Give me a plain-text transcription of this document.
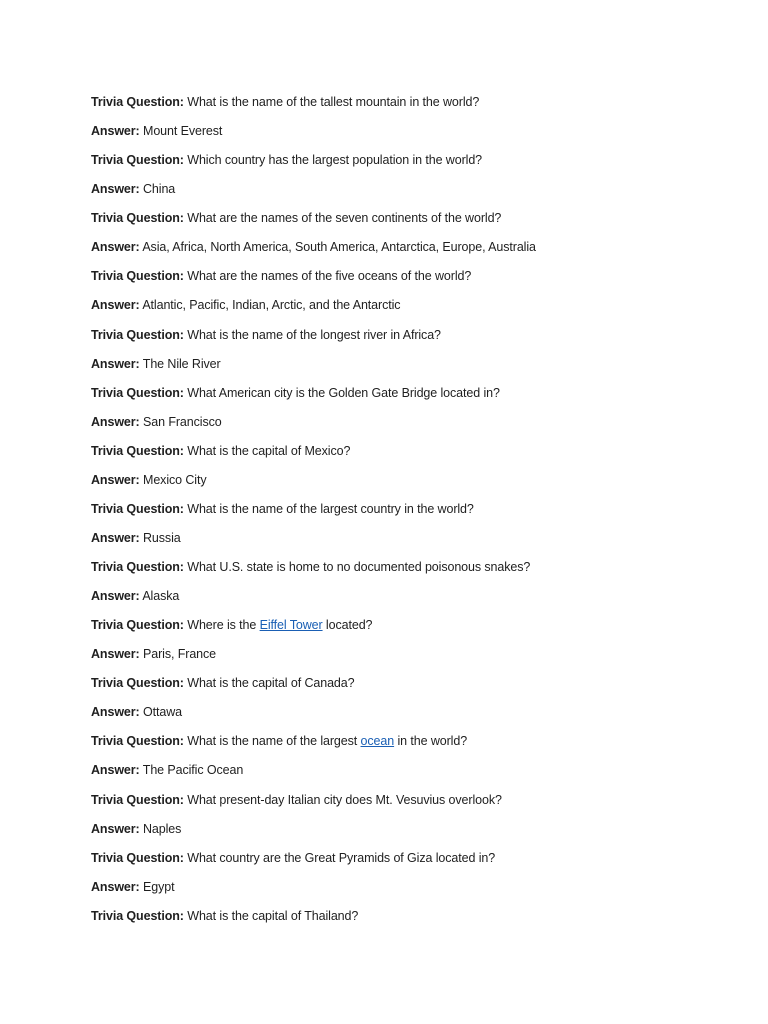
Trivia Question: What is the name of the tallest mountain in the world?
Answer: Mount Everest
Trivia Question: Which country has the largest population in the world?
Answer: China
Trivia Question: What are the names of the seven continents of the world?
Answer: Asia, Africa, North America, South America, Antarctica, Europe, Australia
Trivia Question: What are the names of the five oceans of the world?
Answer: Atlantic, Pacific, Indian, Arctic, and the Antarctic
Trivia Question: What is the name of the longest river in Africa?
Answer: The Nile River
Trivia Question: What American city is the Golden Gate Bridge located in?
Answer: San Francisco
Trivia Question: What is the capital of Mexico?
Answer: Mexico City
Trivia Question: What is the name of the largest country in the world?
Answer: Russia
Trivia Question: What U.S. state is home to no documented poisonous snakes?
Answer: Alaska
Trivia Question: Where is the Eiffel Tower located?
Answer: Paris, France
Trivia Question: What is the capital of Canada?
Answer: Ottawa
Trivia Question: What is the name of the largest ocean in the world?
Answer: The Pacific Ocean
Trivia Question: What present-day Italian city does Mt. Vesuvius overlook?
Answer: Naples
Trivia Question: What country are the Great Pyramids of Giza located in?
Answer: Egypt
Trivia Question: What is the capital of Thailand?
